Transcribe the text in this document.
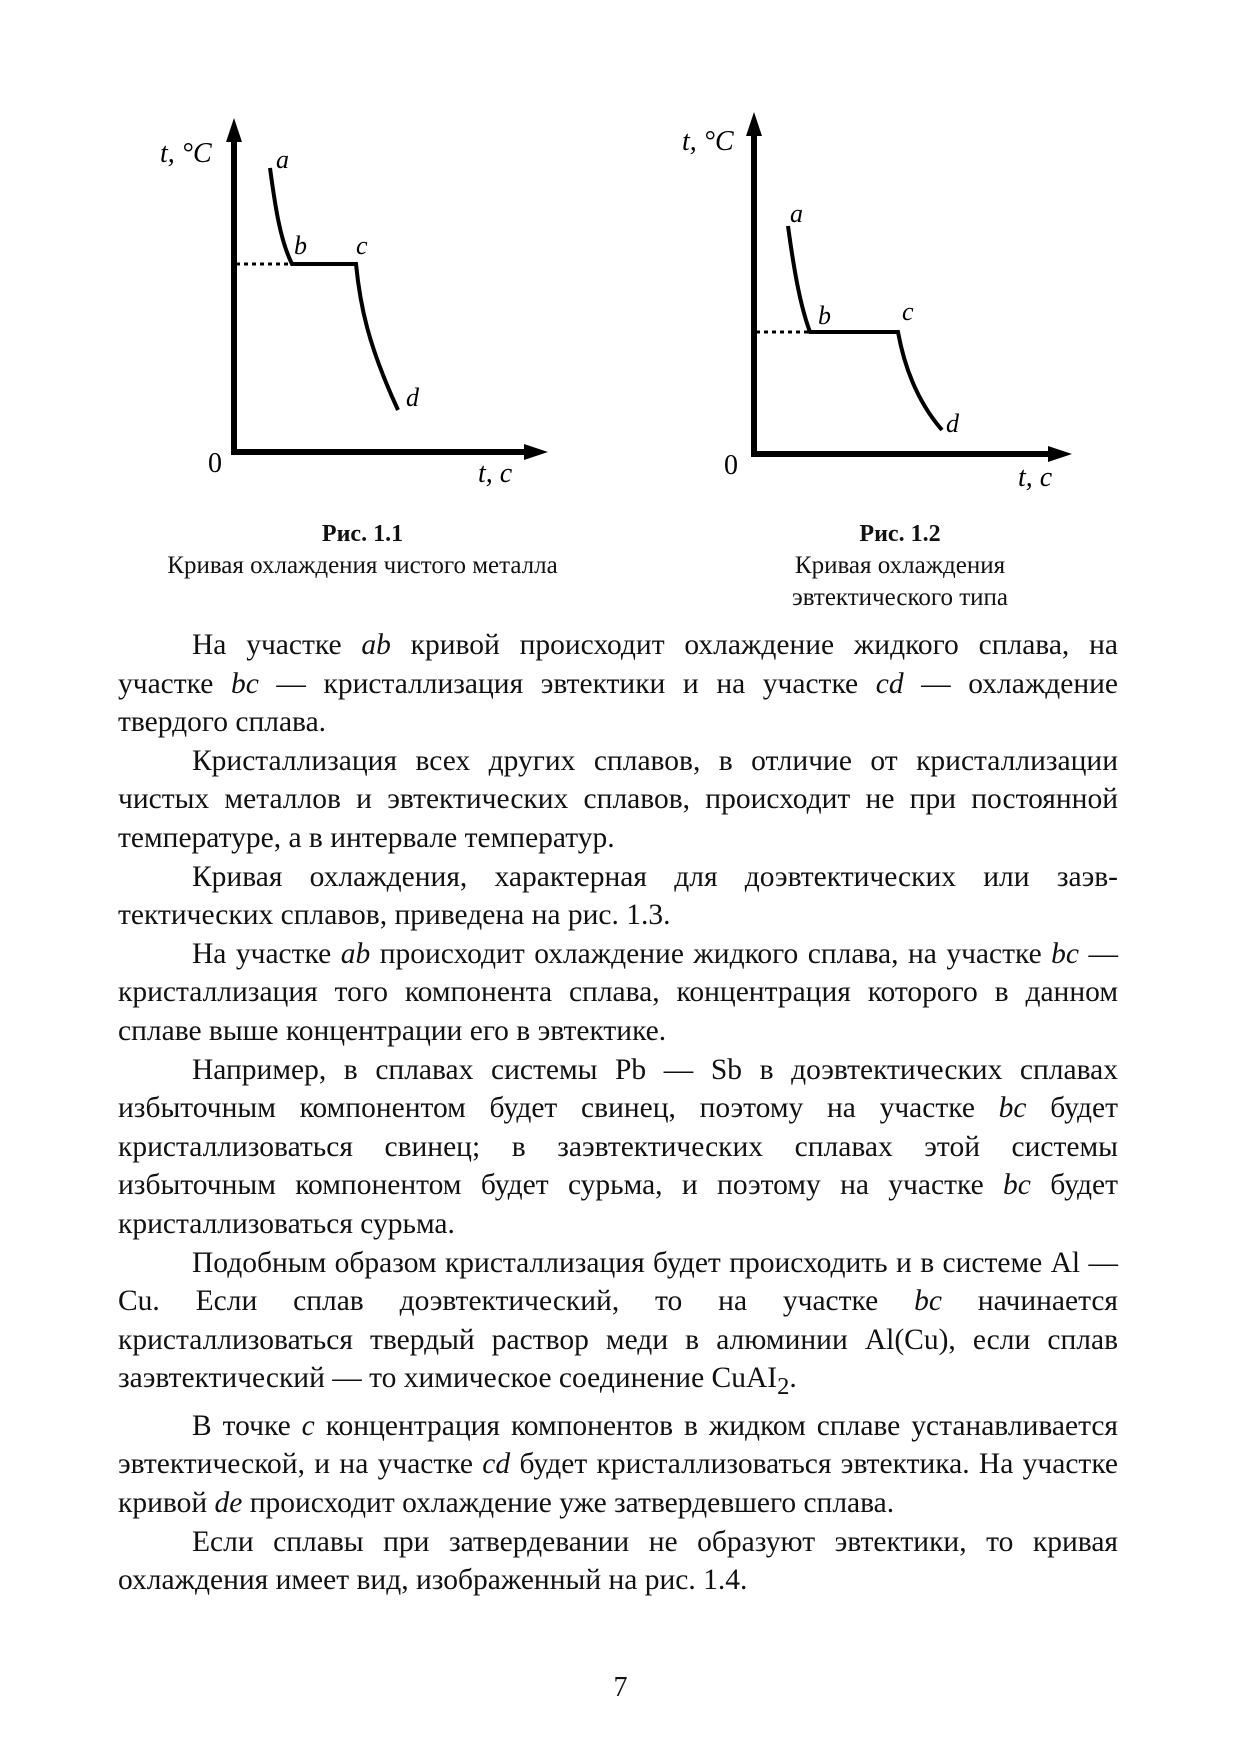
t, °С
0	t, с
a
b c
d
Рис. 1.1
Кривая охлаждения чистого металла
t, °С
0	t, с
a
b	c
d
Рис. 1.2
Кривая охлаждения
эвтектического типа

На участке ab кривой происходит охлаждение жидкого сплава, на участке bc — кристаллизация эвтектики и на участке cd — охлаждение твердого сплава.

Кристаллизация всех других сплавов, в отличие от кристаллизации чистых металлов и эвтектических сплавов, происходит не при постоянной температуре, а в интервале температур.

Кривая охлаждения, характерная для доэвтектических или заэвтектических сплавов, приведена на рис. 1.3.

На участке ab происходит охлаждение жидкого сплава, на участке bc — кристаллизация того компонента сплава, концентрация которого в данном сплаве выше концентрации его в эвтектике.

Например, в сплавах системы Pb — Sb в доэвтектических сплавах избыточным компонентом будет свинец, поэтому на участке bc будет кристаллизоваться свинец; в заэвтектических сплавах этой системы избыточным компонентом будет сурьма, и поэтому на участке bc будет кристаллизоваться сурьма.

Подобным образом кристаллизация будет происходить и в системе Al — Cu. Если сплав доэвтектический, то на участке bc начинается кристаллизоваться твердый раствор меди в алюминии Al(Cu), если сплав заэвтектический — то химическое соединение CuAI$_2$.

В точке c концентрация компонентов в жидком сплаве устанавливается эвтектической, и на участке cd будет кристаллизоваться эвтектика. На участке кривой de происходит охлаждение уже затвердевшего сплава.

Если сплавы при затвердевании не образуют эвтектики, то кривая охлаждения имеет вид, изображенный на рис. 1.4.

7
